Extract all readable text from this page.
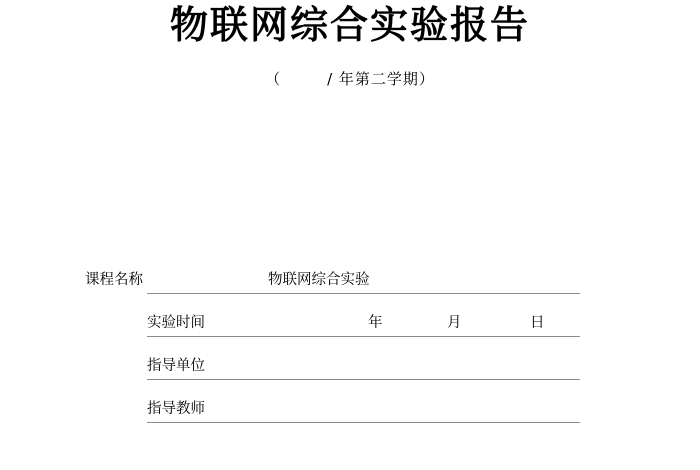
物联网综合实验报告
（	/ 年第二学期）
课程名称	物联网综合实验
实验时间	年	月	日
指导单位
指导教师
